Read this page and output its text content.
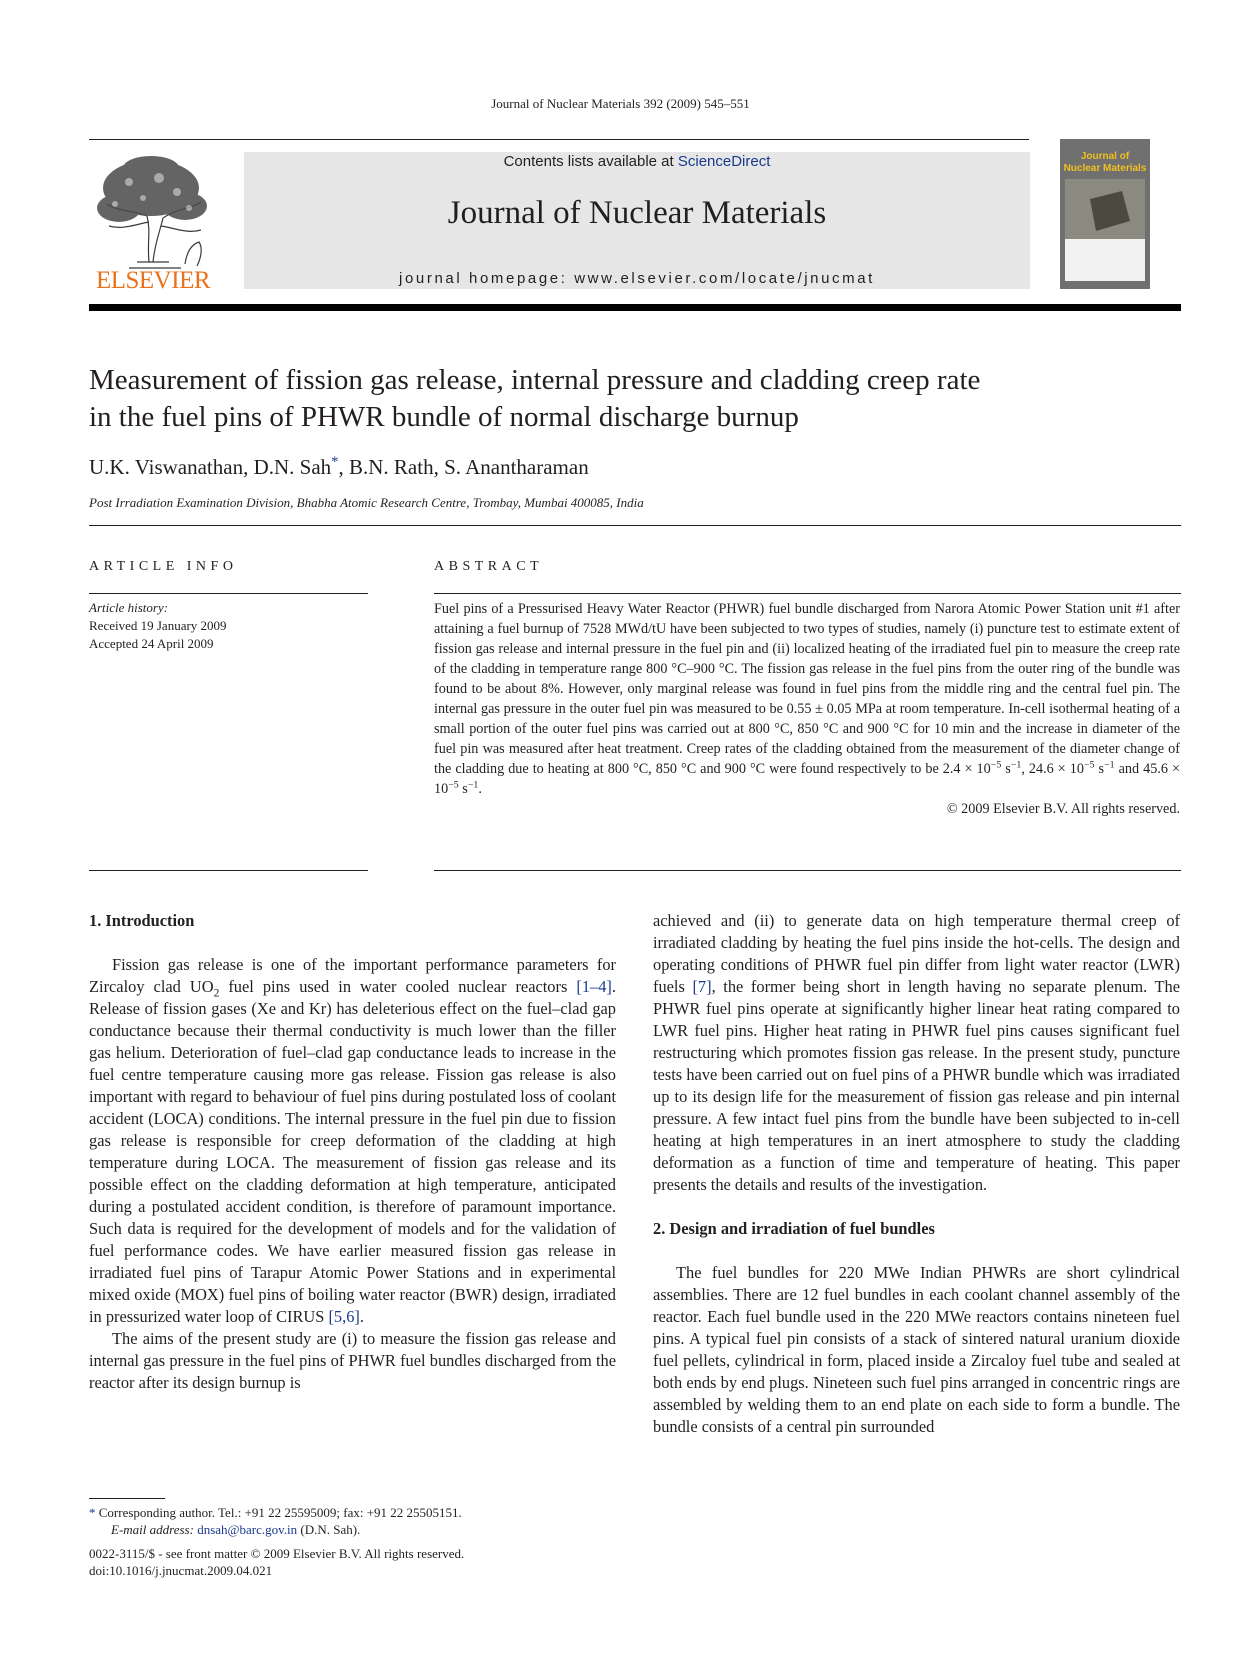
Journal of Nuclear Materials 392 (2009) 545–551
ELSEVIER
Contents lists available at ScienceDirect
Journal of Nuclear Materials
journal homepage: www.elsevier.com/locate/jnucmat
Journal of
Nuclear Materials
Measurement of fission gas release, internal pressure and cladding creep rate
in the fuel pins of PHWR bundle of normal discharge burnup
U.K. Viswanathan, D.N. Sah*, B.N. Rath, S. Anantharaman
Post Irradiation Examination Division, Bhabha Atomic Research Centre, Trombay, Mumbai 400085, India
ARTICLE INFO	ABSTRACT
Article history:
Received 19 January 2009
Accepted 24 April 2009
Fuel pins of a Pressurised Heavy Water Reactor (PHWR) fuel bundle discharged from Narora Atomic Power Station unit #1 after attaining a fuel burnup of 7528 MWd/tU have been subjected to two types of studies, namely (i) puncture test to estimate extent of fission gas release and internal pressure in the fuel pin and (ii) localized heating of the irradiated fuel pin to measure the creep rate of the cladding in temperature range 800 °C–900 °C. The fission gas release in the fuel pins from the outer ring of the bundle was found to be about 8%. However, only marginal release was found in fuel pins from the middle ring and the central fuel pin. The internal gas pressure in the outer fuel pin was measured to be 0.55 ± 0.05 MPa at room temperature. In-cell isothermal heating of a small portion of the outer fuel pins was carried out at 800 °C, 850 °C and 900 °C for 10 min and the increase in diameter of the fuel pin was measured after heat treatment. Creep rates of the cladding obtained from the measurement of the diameter change of the cladding due to heating at 800 °C, 850 °C and 900 °C were found respectively to be $2.4 \times 10^{-5}$ $s^{-1}$, $24.6 \times 10^{-5}$ $s^{-1}$ and $45.6 \times 10^{-5}$ $s^{-1}$.
© 2009 Elsevier B.V. All rights reserved.
1. Introduction

Fission gas release is one of the important performance parameters for Zircaloy clad $UO_2$ fuel pins used in water cooled nuclear reactors [1–4]. Release of fission gases (Xe and Kr) has deleterious effect on the fuel–clad gap conductance because their thermal conductivity is much lower than the filler gas helium. Deterioration of fuel–clad gap conductance leads to increase in the fuel centre temperature causing more gas release. Fission gas release is also important with regard to behaviour of fuel pins during postulated loss of coolant accident (LOCA) conditions. The internal pressure in the fuel pin due to fission gas release is responsible for creep deformation of the cladding at high temperature during LOCA. The measurement of fission gas release and its possible effect on the cladding deformation at high temperature, anticipated during a postulated accident condition, is therefore of paramount importance. Such data is required for the development of models and for the validation of fuel performance codes. We have earlier measured fission gas release in irradiated fuel pins of Tarapur Atomic Power Stations and in experimental mixed oxide (MOX) fuel pins of boiling water reactor (BWR) design, irradiated in pressurized water loop of CIRUS [5,6].

The aims of the present study are (i) to measure the fission gas release and internal gas pressure in the fuel pins of PHWR fuel bundles discharged from the reactor after its design burnup is

achieved and (ii) to generate data on high temperature thermal creep of irradiated cladding by heating the fuel pins inside the hot-cells. The design and operating conditions of PHWR fuel pin differ from light water reactor (LWR) fuels [7], the former being short in length having no separate plenum. The PHWR fuel pins operate at significantly higher linear heat rating compared to LWR fuel pins. Higher heat rating in PHWR fuel pins causes significant fuel restructuring which promotes fission gas release. In the present study, puncture tests have been carried out on fuel pins of a PHWR bundle which was irradiated up to its design life for the measurement of fission gas release and pin internal pressure. A few intact fuel pins from the bundle have been subjected to in-cell heating at high temperatures in an inert atmosphere to study the cladding deformation as a function of time and temperature of heating. This paper presents the details and results of the investigation.

2. Design and irradiation of fuel bundles

The fuel bundles for 220 MWe Indian PHWRs are short cylindrical assemblies. There are 12 fuel bundles in each coolant channel assembly of the reactor. Each fuel bundle used in the 220 MWe reactors contains nineteen fuel pins. A typical fuel pin consists of a stack of sintered natural uranium dioxide fuel pellets, cylindrical in form, placed inside a Zircaloy fuel tube and sealed at both ends by end plugs. Nineteen such fuel pins arranged in concentric rings are assembled by welding them to an end plate on each side to form a bundle. The bundle consists of a central pin surrounded

* Corresponding author. Tel.: +91 22 25595009; fax: +91 22 25505151.
E-mail address: dnsah@barc.gov.in (D.N. Sah).
0022-3115/$ - see front matter © 2009 Elsevier B.V. All rights reserved.
doi:10.1016/j.jnucmat.2009.04.021
